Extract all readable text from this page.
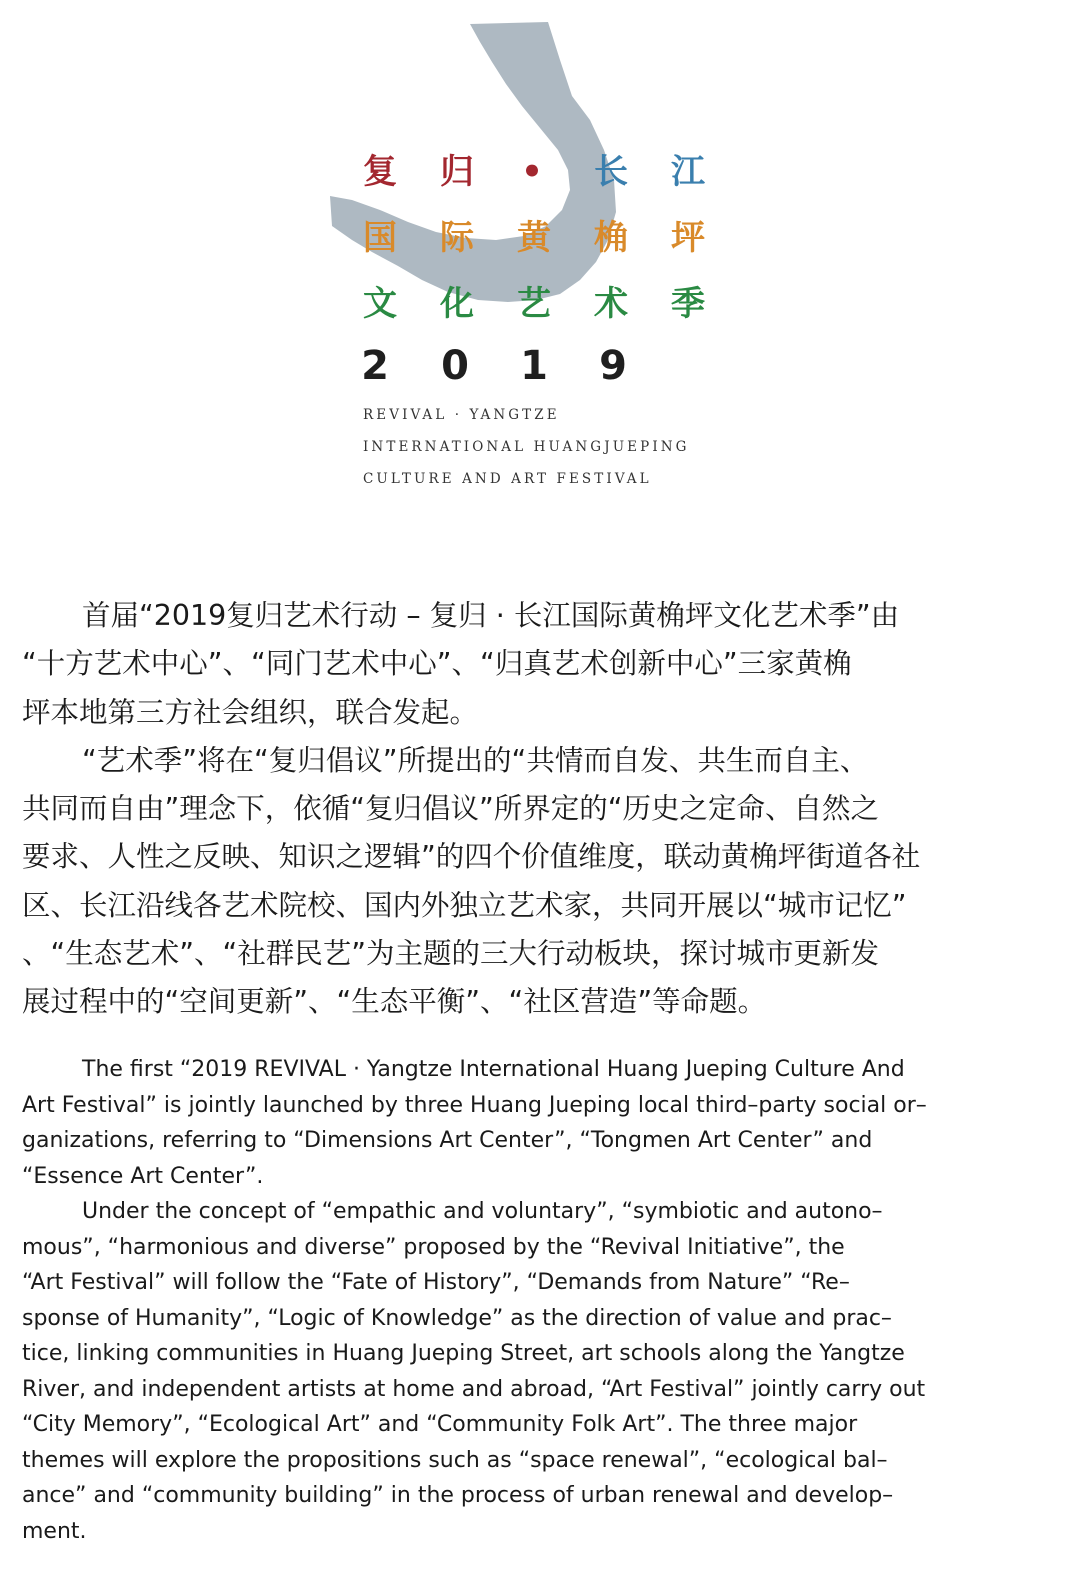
复	归	•	长	江
国	际	黄	桷	坪
文	化	艺	术	季
2	0	1	9
REVIVAL · YANGTZE
INTERNATIONAL HUANGJUEPING
CULTURE AND ART FESTIVAL
首届“2019复归艺术行动 – 复归 · 长江国际黄桷坪文化艺术季”由
“十方艺术中心”、“同门艺术中心”、“归真艺术创新中心”三家黄桷
坪本地第三方社会组织，联合发起。
“艺术季”将在“复归倡议”所提出的“共情而自发、共生而自主、
共同而自由”理念下，依循“复归倡议”所界定的“历史之定命、自然之
要求、人性之反映、知识之逻辑”的四个价值维度，联动黄桷坪街道各社
区、长江沿线各艺术院校、国内外独立艺术家，共同开展以“城市记忆”
、“生态艺术”、“社群民艺”为主题的三大行动板块，探讨城市更新发
展过程中的“空间更新”、“生态平衡”、“社区营造”等命题。
The first “2019 REVIVAL · Yangtze International Huang Jueping Culture And
Art Festival” is jointly launched by three Huang Jueping local third–party social or–
ganizations, referring to “Dimensions Art Center”, “Tongmen Art Center” and
“Essence Art Center”.
Under the concept of “empathic and voluntary”, “symbiotic and autono–
mous”, “harmonious and diverse” proposed by the “Revival Initiative”, the
“Art Festival” will follow the “Fate of History”, “Demands from Nature” “Re–
sponse of Humanity”, “Logic of Knowledge” as the direction of value and prac–
tice, linking communities in Huang Jueping Street, art schools along the Yangtze
River, and independent artists at home and abroad, “Art Festival” jointly carry out
“City Memory”, “Ecological Art” and “Community Folk Art”. The three major
themes will explore the propositions such as “space renewal”, “ecological bal–
ance” and “community building” in the process of urban renewal and develop–
ment.
